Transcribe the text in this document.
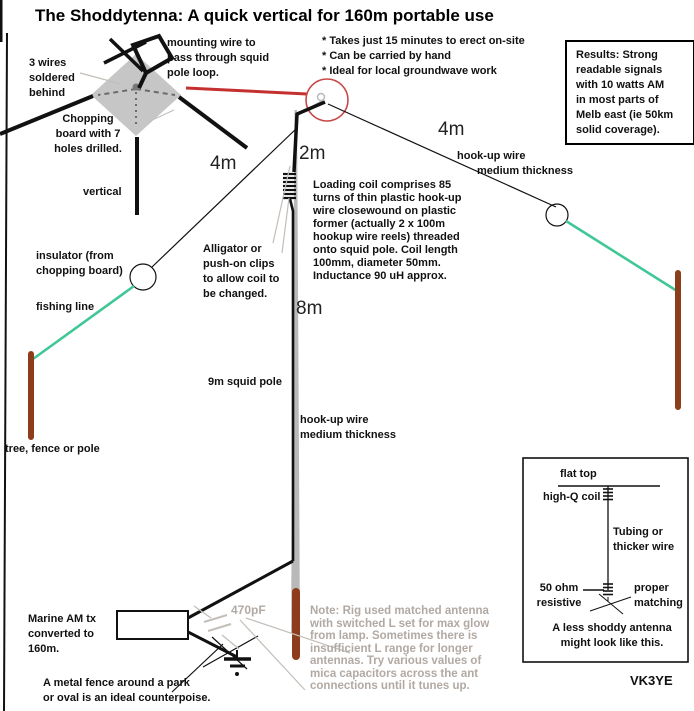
The Shoddytenna: A quick vertical for 160m portable use
mounting wire to
pass through squid
pole loop.
3 wires
soldered
behind
Chopping
board with 7
holes drilled.
vertical
* Takes just 15 minutes to erect on-site
* Can be carried by hand
* Ideal for local groundwave work
Results: Strong
readable signals
with 10 watts AM
in most parts of
Melb east (ie 50km
solid coverage).
2m
4m
4m
8m
hook-up wire
medium thickness
Loading coil comprises 85
turns of thin plastic hook-up
wire closewound on plastic
former (actually 2 x 100m
hookup wire reels) threaded
onto squid pole. Coil length
100mm, diameter 50mm.
Inductance 90 uH approx.
insulator (from
chopping board)
fishing line
Alligator or
push-on clips
to allow coil to
be changed.
9m squid pole
hook-up wire
medium thickness
tree, fence or pole
Marine AM tx
converted to
160m.
470pF	Note: Rig used matched antenna
with switched L set for max glow
from lamp. Sometimes there is
insufficient L range for longer
antennas. Try various values of
mica capacitors across the ant
connections until it tunes up.
A metal fence around a park
or oval is an ideal counterpoise.
flat top
high-Q coil
Tubing or
thicker wire
50 ohm
resistive
proper
matching
A less shoddy antenna
might look like this.
VK3YE
